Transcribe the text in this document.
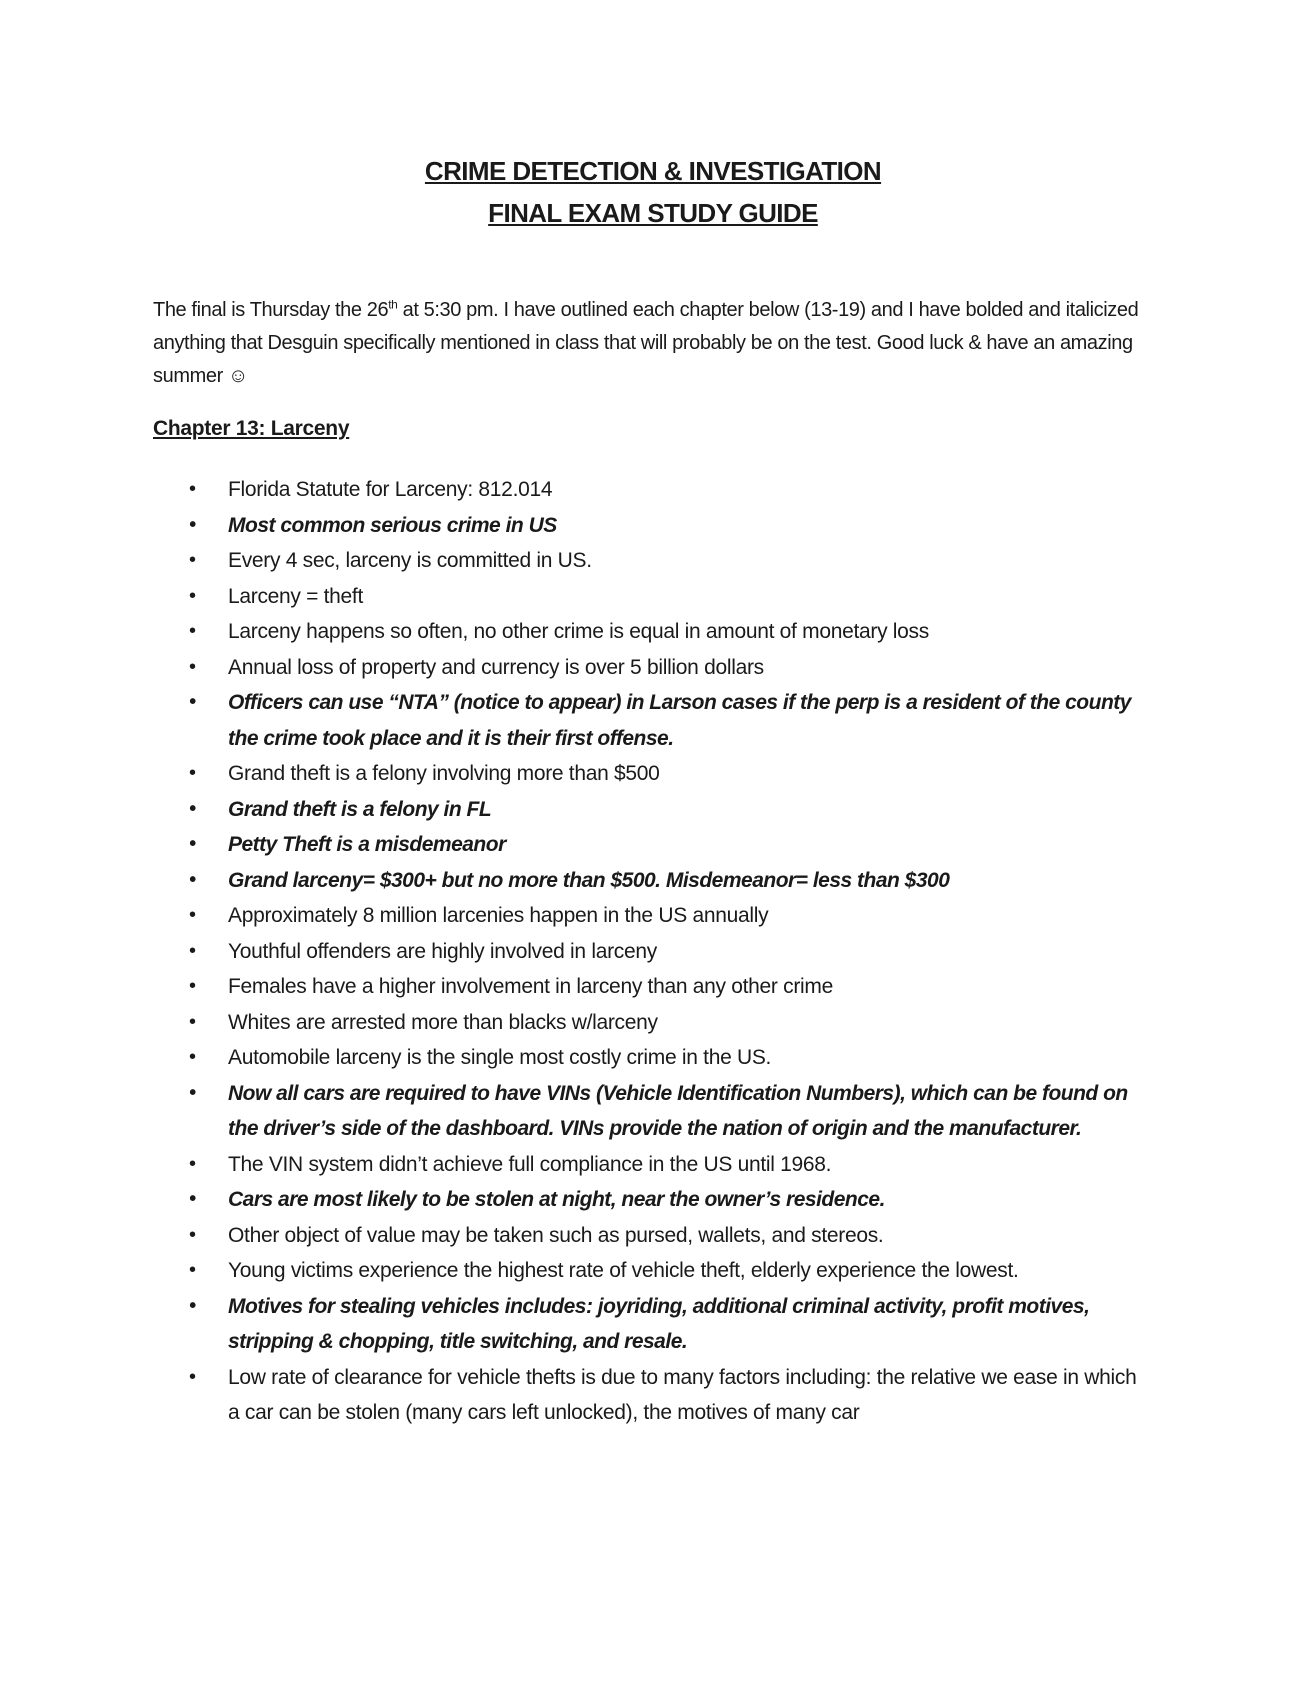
CRIME DETECTION & INVESTIGATION
FINAL EXAM STUDY GUIDE

The final is Thursday the 26th at 5:30 pm. I have outlined each chapter below (13-19) and I have bolded and italicized anything that Desguin specifically mentioned in class that will probably be on the test. Good luck & have an amazing summer ☺

Chapter 13: Larceny
• Florida Statute for Larceny: 812.014
• Most common serious crime in US
• Every 4 sec, larceny is committed in US.
• Larceny = theft
• Larceny happens so often, no other crime is equal in amount of monetary loss
• Annual loss of property and currency is over 5 billion dollars
• Officers can use “NTA” (notice to appear) in Larson cases if the perp is a resident of the county the crime took place and it is their first offense.
• Grand theft is a felony involving more than $500
• Grand theft is a felony in FL
• Petty Theft is a misdemeanor
• Grand larceny= $300+ but no more than $500. Misdemeanor= less than $300
• Approximately 8 million larcenies happen in the US annually
• Youthful offenders are highly involved in larceny
• Females have a higher involvement in larceny than any other crime
• Whites are arrested more than blacks w/larceny
• Automobile larceny is the single most costly crime in the US.
• Now all cars are required to have VINs (Vehicle Identification Numbers), which can be found on the driver’s side of the dashboard. VINs provide the nation of origin and the manufacturer.
• The VIN system didn’t achieve full compliance in the US until 1968.
• Cars are most likely to be stolen at night, near the owner’s residence.
• Other object of value may be taken such as pursed, wallets, and stereos.
• Young victims experience the highest rate of vehicle theft, elderly experience the lowest.
• Motives for stealing vehicles includes: joyriding, additional criminal activity, profit motives, stripping & chopping, title switching, and resale.
• Low rate of clearance for vehicle thefts is due to many factors including: the relative we ease in which a car can be stolen (many cars left unlocked), the motives of many car
